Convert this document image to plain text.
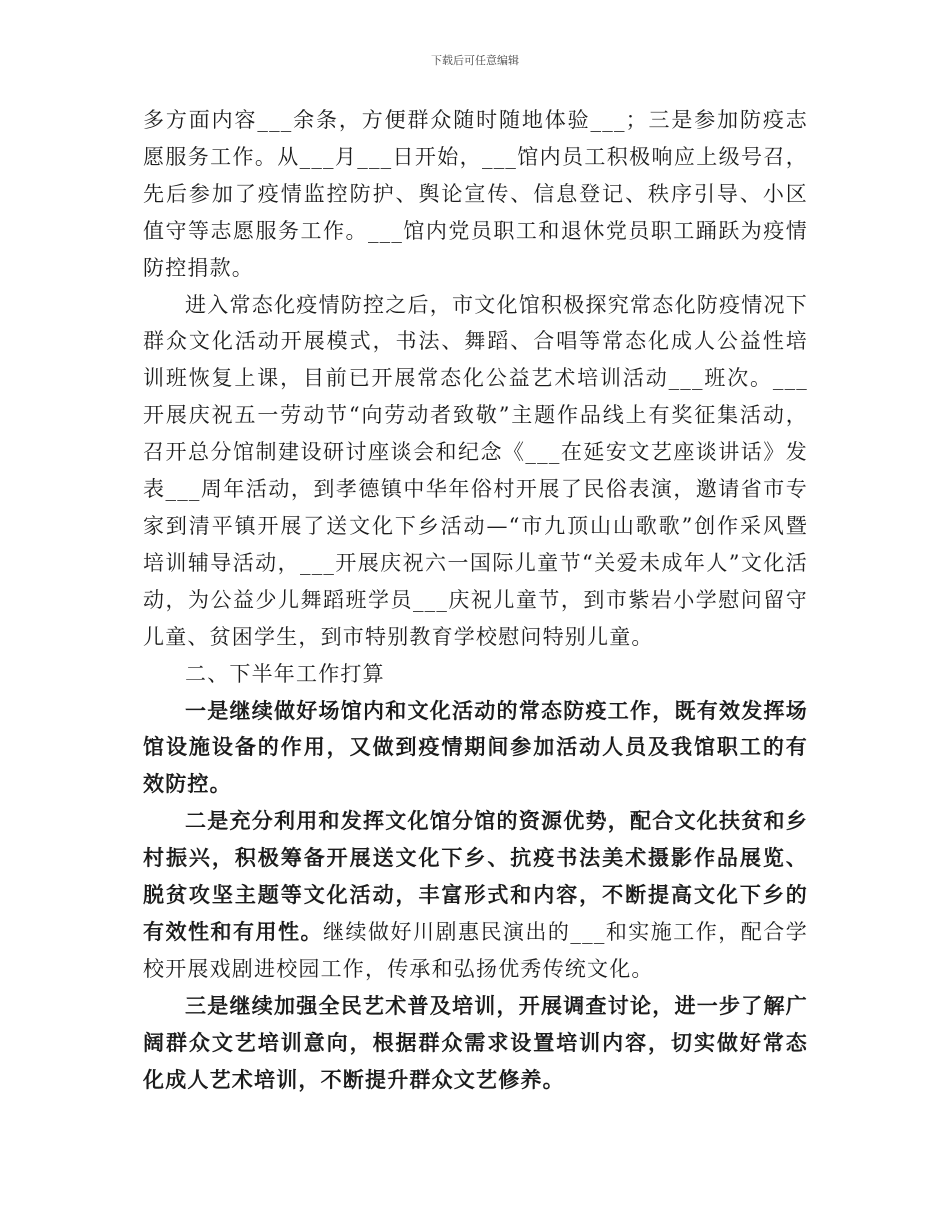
下载后可任意编辑

多方面内容___余条，方便群众随时随地体验___；三是参加防疫志愿服务工作。从___月___日开始，___馆内员工积极响应上级号召，先后参加了疫情监控防护、舆论宣传、信息登记、秩序引导、小区值守等志愿服务工作。___馆内党员职工和退休党员职工踊跃为疫情防控捐款。

进入常态化疫情防控之后，市文化馆积极探究常态化防疫情况下群众文化活动开展模式，书法、舞蹈、合唱等常态化成人公益性培训班恢复上课，目前已开展常态化公益艺术培训活动___班次。___开展庆祝五一劳动节“向劳动者致敬”主题作品线上有奖征集活动，召开总分馆制建设研讨座谈会和纪念《___在延安文艺座谈讲话》发表___周年活动，到孝德镇中华年俗村开展了民俗表演，邀请省市专家到清平镇开展了送文化下乡活动—“市九顶山山歌歌”创作采风暨培训辅导活动，___开展庆祝六一国际儿童节“关爱未成年人”文化活动，为公益少儿舞蹈班学员___庆祝儿童节，到市紫岩小学慰问留守儿童、贫困学生，到市特别教育学校慰问特别儿童。

二、下半年工作打算

一是继续做好场馆内和文化活动的常态防疫工作，既有效发挥场馆设施设备的作用，又做到疫情期间参加活动人员及我馆职工的有效防控。

二是充分利用和发挥文化馆分馆的资源优势，配合文化扶贫和乡村振兴，积极筹备开展送文化下乡、抗疫书法美术摄影作品展览、脱贫攻坚主题等文化活动，丰富形式和内容，不断提高文化下乡的有效性和有用性。继续做好川剧惠民演出的___和实施工作，配合学校开展戏剧进校园工作，传承和弘扬优秀传统文化。

三是继续加强全民艺术普及培训，开展调查讨论，进一步了解广阔群众文艺培训意向，根据群众需求设置培训内容，切实做好常态化成人艺术培训，不断提升群众文艺修养。
